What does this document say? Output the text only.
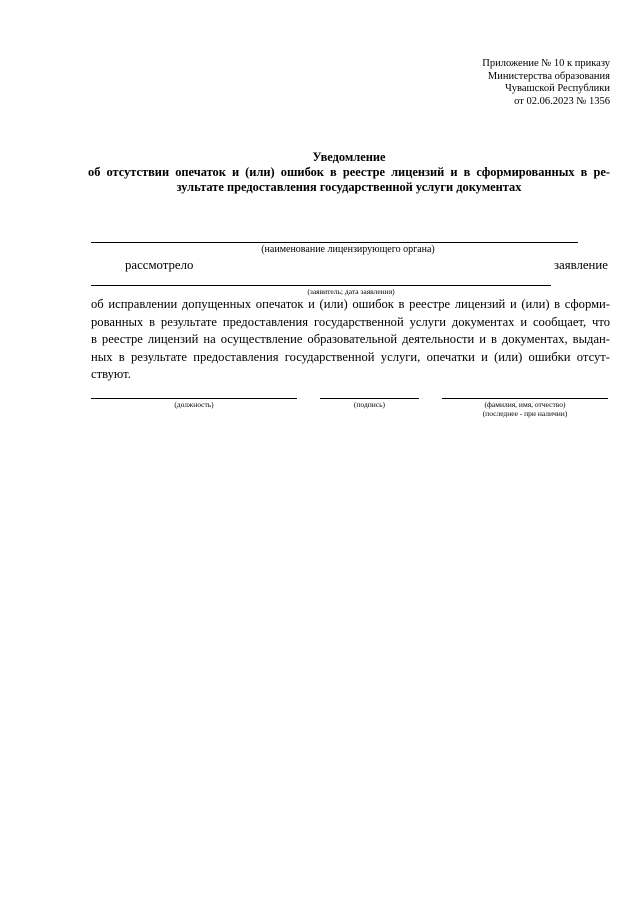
Приложение № 10 к приказу
Министерства образования
Чувашской Республики
от 02.06.2023 № 1356
Уведомление
об отсутствии опечаток и (или) ошибок в реестре лицензий и в сформированных в ре-
зультате предоставления государственной услуги документах
(наименование лицензирующего органа)
рассмотрело	заявление
(заявитель; дата заявления)
об исправлении допущенных опечаток и (или) ошибок в реестре лицензий и (или) в сформи-
рованных в результате предоставления государственной услуги документах и сообщает, что
в реестре лицензий на осуществление образовательной деятельности и в документах, выдан-
ных в результате предоставления государственной услуги, опечатки и (или) ошибки отсут-
ствуют.
(должность)	(подпись)	(фамилия, имя, отчество)
(последнее - при наличии)
